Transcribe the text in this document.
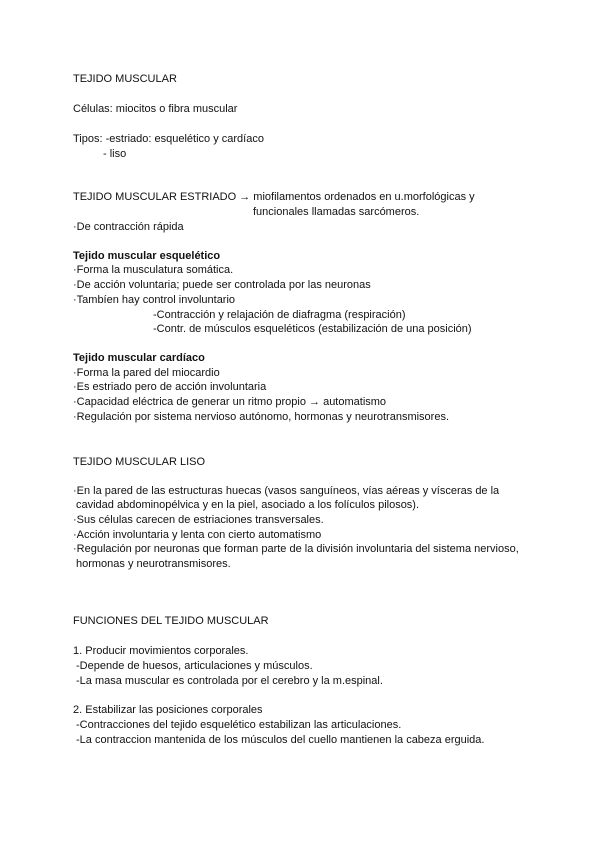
TEJIDO MUSCULAR
Células: miocitos o fibra muscular
Tipos: -estriado: esquelético y cardíaco
- liso
TEJIDO MUSCULAR ESTRIADO → miofilamentos ordenados en u.morfológicas y
funcionales llamadas sarcómeros.
·De contracción rápida
Tejido muscular esquelético
·Forma la musculatura somática.
·De acción voluntaria; puede ser controlada por las neuronas
·Tambíen hay control involuntario
-Contracción y relajación de diafragma (respiración)
-Contr. de músculos esqueléticos (estabilización de una posición)
Tejido muscular cardíaco
·Forma la pared del miocardio
·Es estriado pero de acción involuntaria
·Capacidad eléctrica de generar un ritmo propio → automatismo
·Regulación por sistema nervioso autónomo, hormonas y neurotransmisores.
TEJIDO MUSCULAR LISO
·En la pared de las estructuras huecas (vasos sanguíneos, vías aéreas y vísceras de la
cavidad abdominopélvica y en la piel, asociado a los folículos pilosos).
·Sus células carecen de estriaciones transversales.
·Acción involuntaria y lenta con cierto automatismo
·Regulación por neuronas que forman parte de la división involuntaria del sistema nervioso,
hormonas y neurotransmisores.
FUNCIONES DEL TEJIDO MUSCULAR
1. Producir movimientos corporales.
-Depende de huesos, articulaciones y músculos.
-La masa muscular es controlada por el cerebro y la m.espinal.
2. Estabilizar las posiciones corporales
-Contracciones del tejido esquelético estabilizan las articulaciones.
-La contraccion mantenida de los músculos del cuello mantienen la cabeza erguida.
